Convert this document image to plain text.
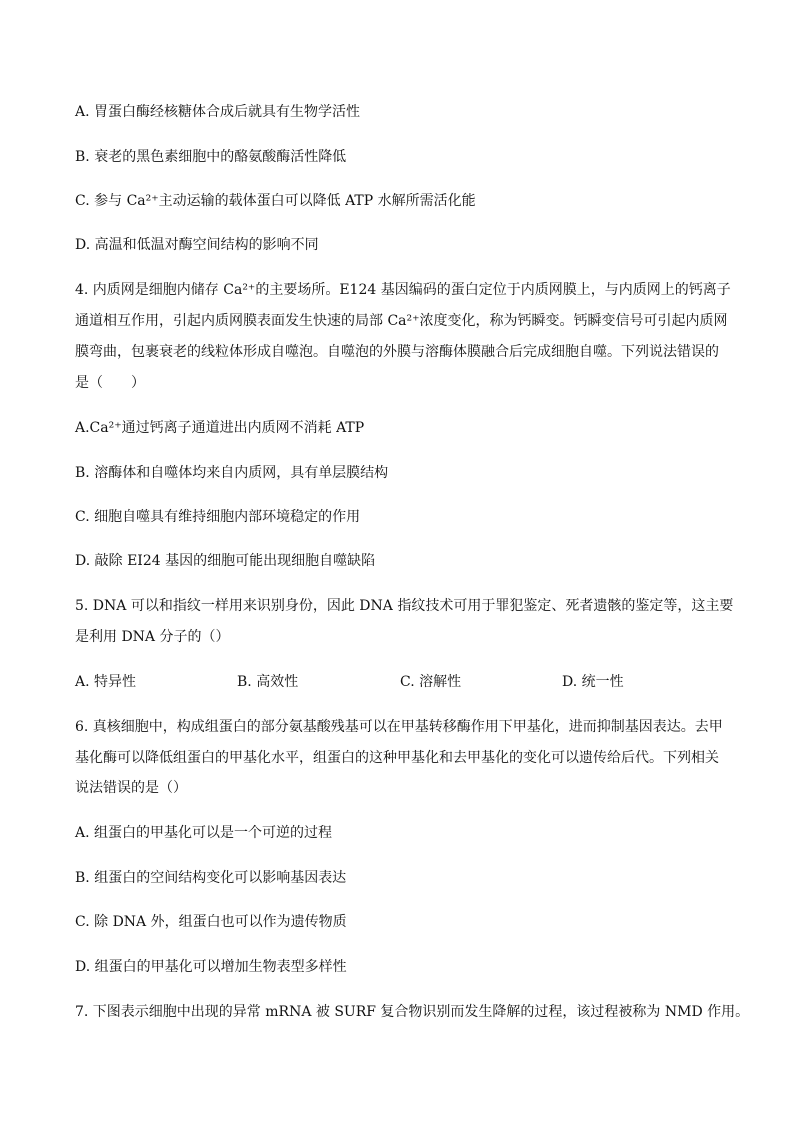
A. 胃蛋白酶经核糖体合成后就具有生物学活性
B. 衰老的黑色素细胞中的酪氨酸酶活性降低
C. 参与 Ca²⁺主动运输的载体蛋白可以降低 ATP 水解所需活化能
D. 高温和低温对酶空间结构的影响不同
4. 内质网是细胞内储存 Ca²⁺的主要场所。E124 基因编码的蛋白定位于内质网膜上，与内质网上的钙离子
通道相互作用，引起内质网膜表面发生快速的局部 Ca²⁺浓度变化，称为钙瞬变。钙瞬变信号可引起内质网
膜弯曲，包裹衰老的线粒体形成自噬泡。自噬泡的外膜与溶酶体膜融合后完成细胞自噬。下列说法错误的
是（　　）
A.Ca²⁺通过钙离子通道进出内质网不消耗 ATP
B. 溶酶体和自噬体均来自内质网，具有单层膜结构
C. 细胞自噬具有维持细胞内部环境稳定的作用
D. 敲除 EI24 基因的细胞可能出现细胞自噬缺陷
5. DNA 可以和指纹一样用来识别身份，因此 DNA 指纹技术可用于罪犯鉴定、死者遗骸的鉴定等，这主要
是利用 DNA 分子的（）
A. 特异性	B. 高效性	C. 溶解性	D. 统一性
6. 真核细胞中，构成组蛋白的部分氨基酸残基可以在甲基转移酶作用下甲基化，进而抑制基因表达。去甲
基化酶可以降低组蛋白的甲基化水平，组蛋白的这种甲基化和去甲基化的变化可以遗传给后代。下列相关
说法错误的是（）
A. 组蛋白的甲基化可以是一个可逆的过程
B. 组蛋白的空间结构变化可以影响基因表达
C. 除 DNA 外，组蛋白也可以作为遗传物质
D. 组蛋白的甲基化可以增加生物表型多样性
7. 下图表示细胞中出现的异常 mRNA 被 SURF 复合物识别而发生降解的过程，该过程被称为 NMD 作用。
